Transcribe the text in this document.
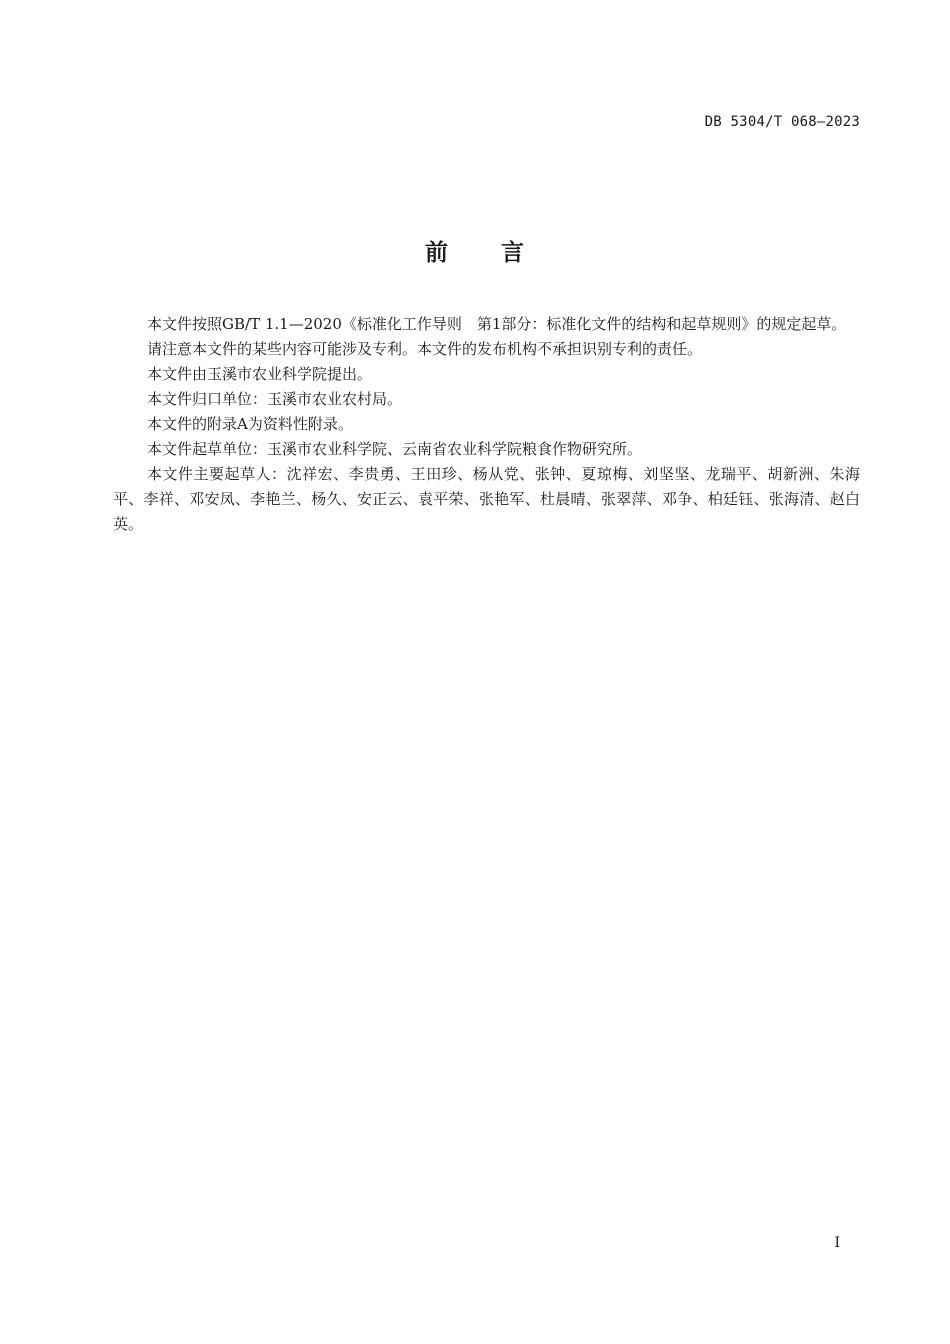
DB 5304/T 068—2023
前 言

本文件按照GB/T 1.1—2020《标准化工作导则　第1部分：标准化文件的结构和起草规则》的规定起草。

请注意本文件的某些内容可能涉及专利。本文件的发布机构不承担识别专利的责任。

本文件由玉溪市农业科学院提出。

本文件归口单位：玉溪市农业农村局。

本文件的附录A为资料性附录。

本文件起草单位：玉溪市农业科学院、云南省农业科学院粮食作物研究所。

本文件主要起草人：沈祥宏、李贵勇、王田珍、杨从党、张钟、夏琼梅、刘坚坚、龙瑞平、胡新洲、朱海平、李祥、邓安凤、李艳兰、杨久、安正云、袁平荣、张艳军、杜晨晴、张翠萍、邓争、柏廷钰、张海清、赵白英。

I
